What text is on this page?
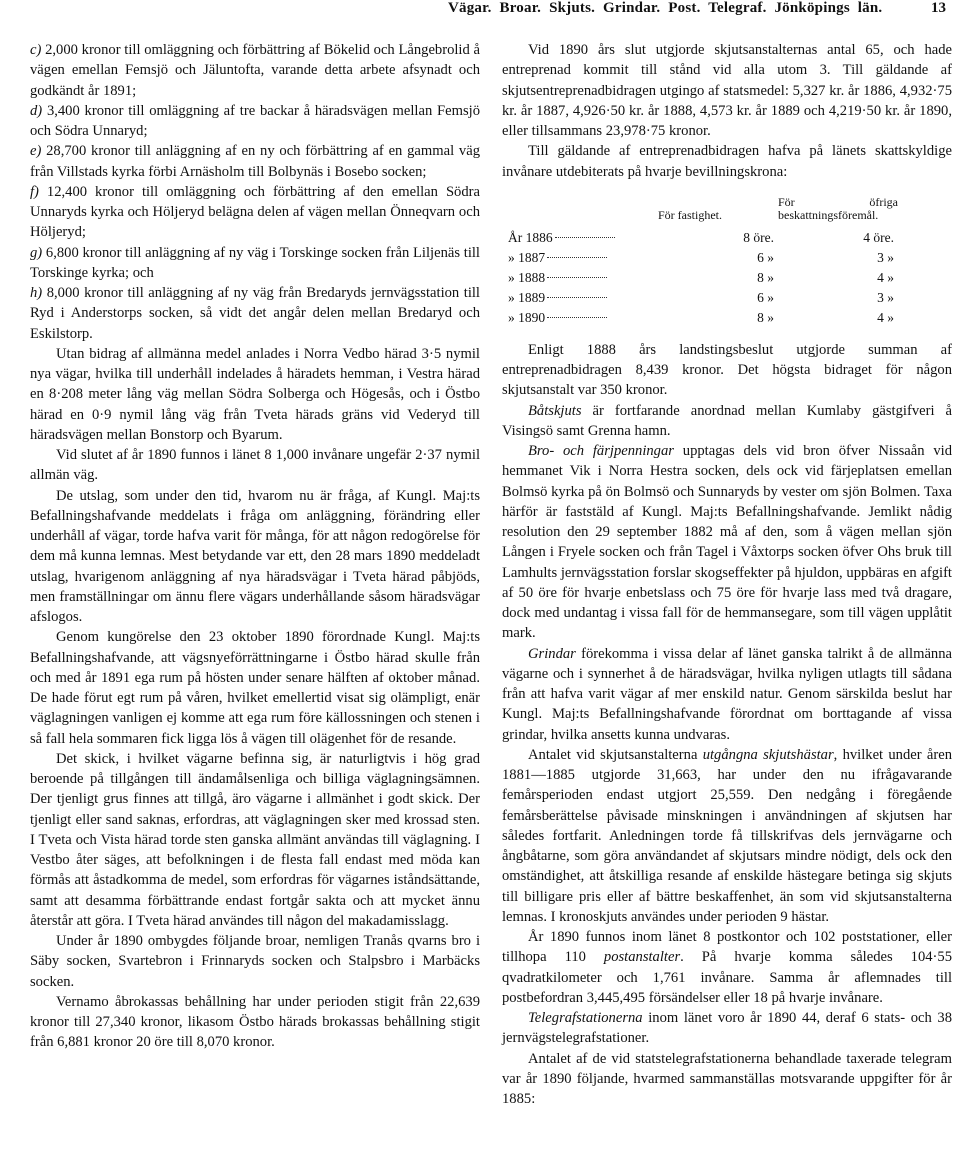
Vägar. Broar. Skjuts. Grindar. Post. Telegraf. Jönköpings län.	13

c) 2,000 kronor till omläggning och förbättring af Bökelid och Långebrolid å vägen emellan Femsjö och Jäluntofta, varande detta arbete afsynadt och godkändt år 1891;

d) 3,400 kronor till omläggning af tre backar å häradsvägen mellan Femsjö och Södra Unnaryd;

e) 28,700 kronor till anläggning af en ny och förbättring af en gammal väg från Villstads kyrka förbi Arnäsholm till Bolbynäs i Bosebo socken;

f) 12,400 kronor till omläggning och förbättring af den emellan Södra Unnaryds kyrka och Höljeryd belägna delen af vägen mellan Önneqvarn och Höljeryd;

g) 6,800 kronor till anläggning af ny väg i Torskinge socken från Liljenäs till Torskinge kyrka; och

h) 8,000 kronor till anläggning af ny väg från Bredaryds jernvägsstation till Ryd i Anderstorps socken, så vidt det angår delen mellan Bredaryd och Eskilstorp.

Utan bidrag af allmänna medel anlades i Norra Vedbo härad 3·5 nymil nya vägar, hvilka till underhåll indelades å häradets hemman, i Vestra härad en 8·208 meter lång väg mellan Södra Solberga och Högesås, och i Östbo härad en 0·9 nymil lång väg från Tveta härads gräns vid Vederyd till häradsvägen mellan Bonstorp och Byarum.

Vid slutet af år 1890 funnos i länet 8 1,000 invånare ungefär 2·37 nymil allmän väg.

De utslag, som under den tid, hvarom nu är fråga, af Kungl. Maj:ts Befallningshafvande meddelats i fråga om anläggning, förändring eller underhåll af vägar, torde hafva varit för många, för att någon redogörelse för dem må kunna lemnas. Mest betydande var ett, den 28 mars 1890 meddeladt utslag, hvarigenom anläggning af nya häradsvägar i Tveta härad påbjöds, men framställningar om ännu flere vägars underhållande såsom häradsvägar afslogos.

Genom kungörelse den 23 oktober 1890 förordnade Kungl. Maj:ts Befallningshafvande, att vägsnyeförrättningarne i Östbo härad skulle från och med år 1891 ega rum på hösten under senare hälften af oktober månad. De hade förut egt rum på våren, hvilket emellertid visat sig olämpligt, enär väglagningen vanligen ej komme att ega rum före källossningen och stenen i så fall hela sommaren fick ligga lös å vägen till olägenhet för de resande.

Det skick, i hvilket vägarne befinna sig, är naturligtvis i hög grad beroende på tillgången till ändamålsenliga och billiga väglagningsämnen. Der tjenligt grus finnes att tillgå, äro vägarne i allmänhet i godt skick. Der tjenligt eller sand saknas, erfordras, att väglagningen sker med krossad sten. I Tveta och Vista härad torde sten ganska allmänt användas till väglagning. I Vestbo åter säges, att befolkningen i de flesta fall endast med möda kan förmås att åstadkomma de medel, som erfordras för vägarnes iståndsättande, samt att desamma förbättrande endast fortgår sakta och att mycket ännu återstår att göra. I Tveta härad användes till någon del makadamisslagg.

Under år 1890 ombygdes följande broar, nemligen Tranås qvarns bro i Säby socken, Svartebron i Frinnaryds socken och Stalpsbro i Marbäcks socken.

Vernamo åbrokassas behållning har under perioden stigit från 22,639 kronor till 27,340 kronor, likasom Östbo härads brokassas behållning stigit från 6,881 kronor 20 öre till 8,070 kronor.

Vid 1890 års slut utgjorde skjutsanstalternas antal 65, och hade entreprenad kommit till stånd vid alla utom 3. Till gäldande af skjutsentreprenadbidragen utgingo af statsmedel: 5,327 kr. år 1886, 4,932·75 kr. år 1887, 4,926·50 kr. år 1888, 4,573 kr. år 1889 och 4,219·50 kr. år 1890, eller tillsammans 23,978·75 kronor.

Till gäldande af entreprenadbidragen hafva på länets skattskyldige invånare utdebiterats på hvarje bevillningskrona:

	För fastighet.	För öfriga beskattningsföremål.
År 1886	8 öre.	4 öre.
» 1887	6 »	3 »
» 1888	8 »	4 »
» 1889	6 »	3 »
» 1890	8 »	4 »

Enligt 1888 års landstingsbeslut utgjorde summan af entreprenadbidragen 8,439 kronor. Det högsta bidraget för någon skjutsanstalt var 350 kronor.

Båtskjuts är fortfarande anordnad mellan Kumlaby gästgifveri å Visingsö samt Grenna hamn.

Bro- och färjpenningar upptagas dels vid bron öfver Nissaån vid hemmanet Vik i Norra Hestra socken, dels ock vid färjeplatsen emellan Bolmsö kyrka på ön Bolmsö och Sunnaryds by vester om sjön Bolmen. Taxa härför är faststäld af Kungl. Maj:ts Befallningshafvande. Jemlikt nådig resolution den 29 september 1882 må af den, som å vägen mellan sjön Lången i Fryele socken och från Tagel i Våxtorps socken öfver Ohs bruk till Lamhults jernvägsstation forslar skogseffekter på hjuldon, uppbäras en afgift af 50 öre för hvarje enbetslass och 75 öre för hvarje lass med två dragare, dock med undantag i vissa fall för de hemmansegare, som till vägen upplåtit mark.

Grindar förekomma i vissa delar af länet ganska talrikt å de allmänna vägarne och i synnerhet å de häradsvägar, hvilka nyligen utlagts till sådana från att hafva varit vägar af mer enskild natur. Genom särskilda beslut har Kungl. Maj:ts Befallningshafvande förordnat om borttagande af vissa grindar, hvilka ansetts kunna undvaras.

Antalet vid skjutsanstalterna utgångna skjutshästar, hvilket under åren 1881—1885 utgjorde 31,663, har under den nu ifrågavarande femårsperioden endast utgjort 25,559. Den nedgång i föregående femårsberättelse påvisade minskningen i användningen af skjutsen har således fortfarit. Anledningen torde få tillskrifvas dels jernvägarne och ångbåtarne, som göra användandet af skjutsars mindre nödigt, dels ock den omständighet, att åtskilliga resande af enskilde hästegare betinga sig skjuts till billigare pris eller af bättre beskaffenhet, än som vid skjutsanstalterna lemnas. I kronoskjuts användes under perioden 9 hästar.

År 1890 funnos inom länet 8 postkontor och 102 poststationer, eller tillhopa 110 postanstalter. På hvarje komma således 104·55 qvadratkilometer och 1,761 invånare. Samma år aflemnades till postbefordran 3,445,495 försändelser eller 18 på hvarje invånare.

Telegrafstationerna inom länet voro år 1890 44, deraf 6 stats- och 38 jernvägstelegrafstationer.

Antalet af de vid statstelegrafstationerna behandlade taxerade telegram var år 1890 följande, hvarmed sammanställas motsvarande uppgifter för år 1885:
